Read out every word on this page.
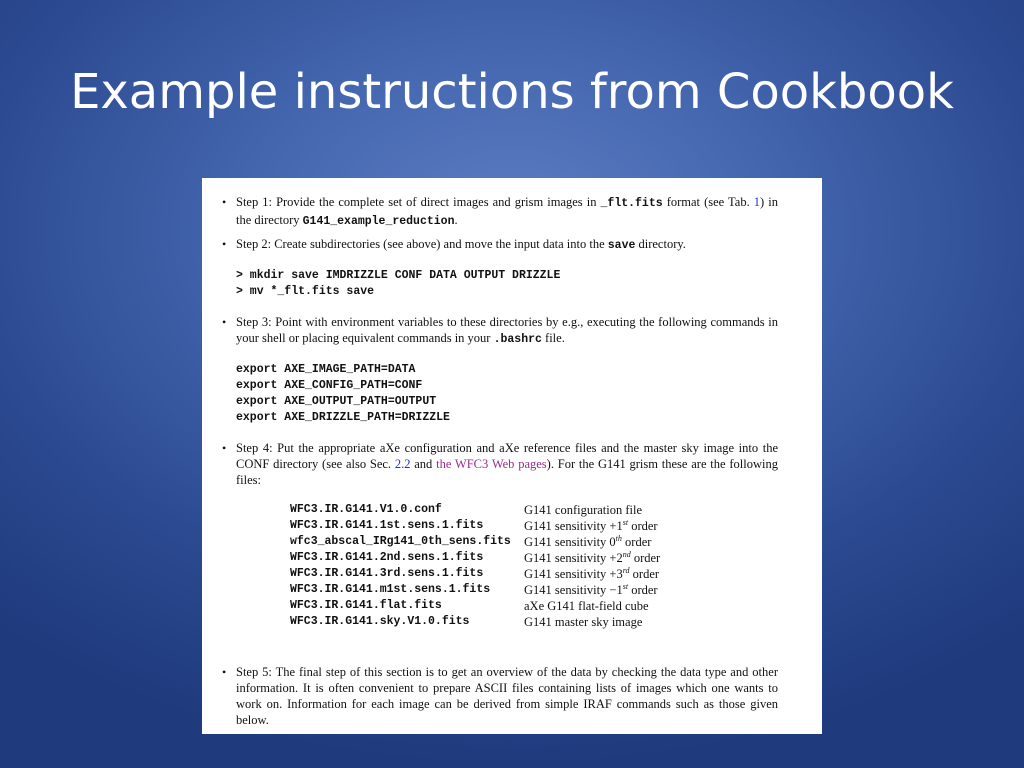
Example instructions from Cookbook
• Step 1: Provide the complete set of direct images and grism images in _flt.fits format (see Tab. 1) in the directory G141_example_reduction.
• Step 2: Create subdirectories (see above) and move the input data into the save directory.
> mkdir save IMDRIZZLE CONF DATA OUTPUT DRIZZLE
> mv *_flt.fits save
• Step 3: Point with environment variables to these directories by e.g., executing the following commands in your shell or placing equivalent commands in your .bashrc file.
export AXE_IMAGE_PATH=DATA
export AXE_CONFIG_PATH=CONF
export AXE_OUTPUT_PATH=OUTPUT
export AXE_DRIZZLE_PATH=DRIZZLE
• Step 4: Put the appropriate aXe configuration and aXe reference files and the master sky image into the CONF directory (see also Sec. 2.2 and the WFC3 Web pages). For the G141 grism these are the following files:
WFC3.IR.G141.V1.0.conf	G141 configuration file
WFC3.IR.G141.1st.sens.1.fits	G141 sensitivity +1st order
wfc3_abscal_IRg141_0th_sens.fits	G141 sensitivity 0th order
WFC3.IR.G141.2nd.sens.1.fits	G141 sensitivity +2nd order
WFC3.IR.G141.3rd.sens.1.fits	G141 sensitivity +3rd order
WFC3.IR.G141.m1st.sens.1.fits	G141 sensitivity −1st order
WFC3.IR.G141.flat.fits	aXe G141 flat-field cube
WFC3.IR.G141.sky.V1.0.fits	G141 master sky image
• Step 5: The final step of this section is to get an overview of the data by checking the data type and other information. It is often convenient to prepare ASCII files containing lists of images which one wants to work on. Information for each image can be derived from simple IRAF commands such as those given below.
